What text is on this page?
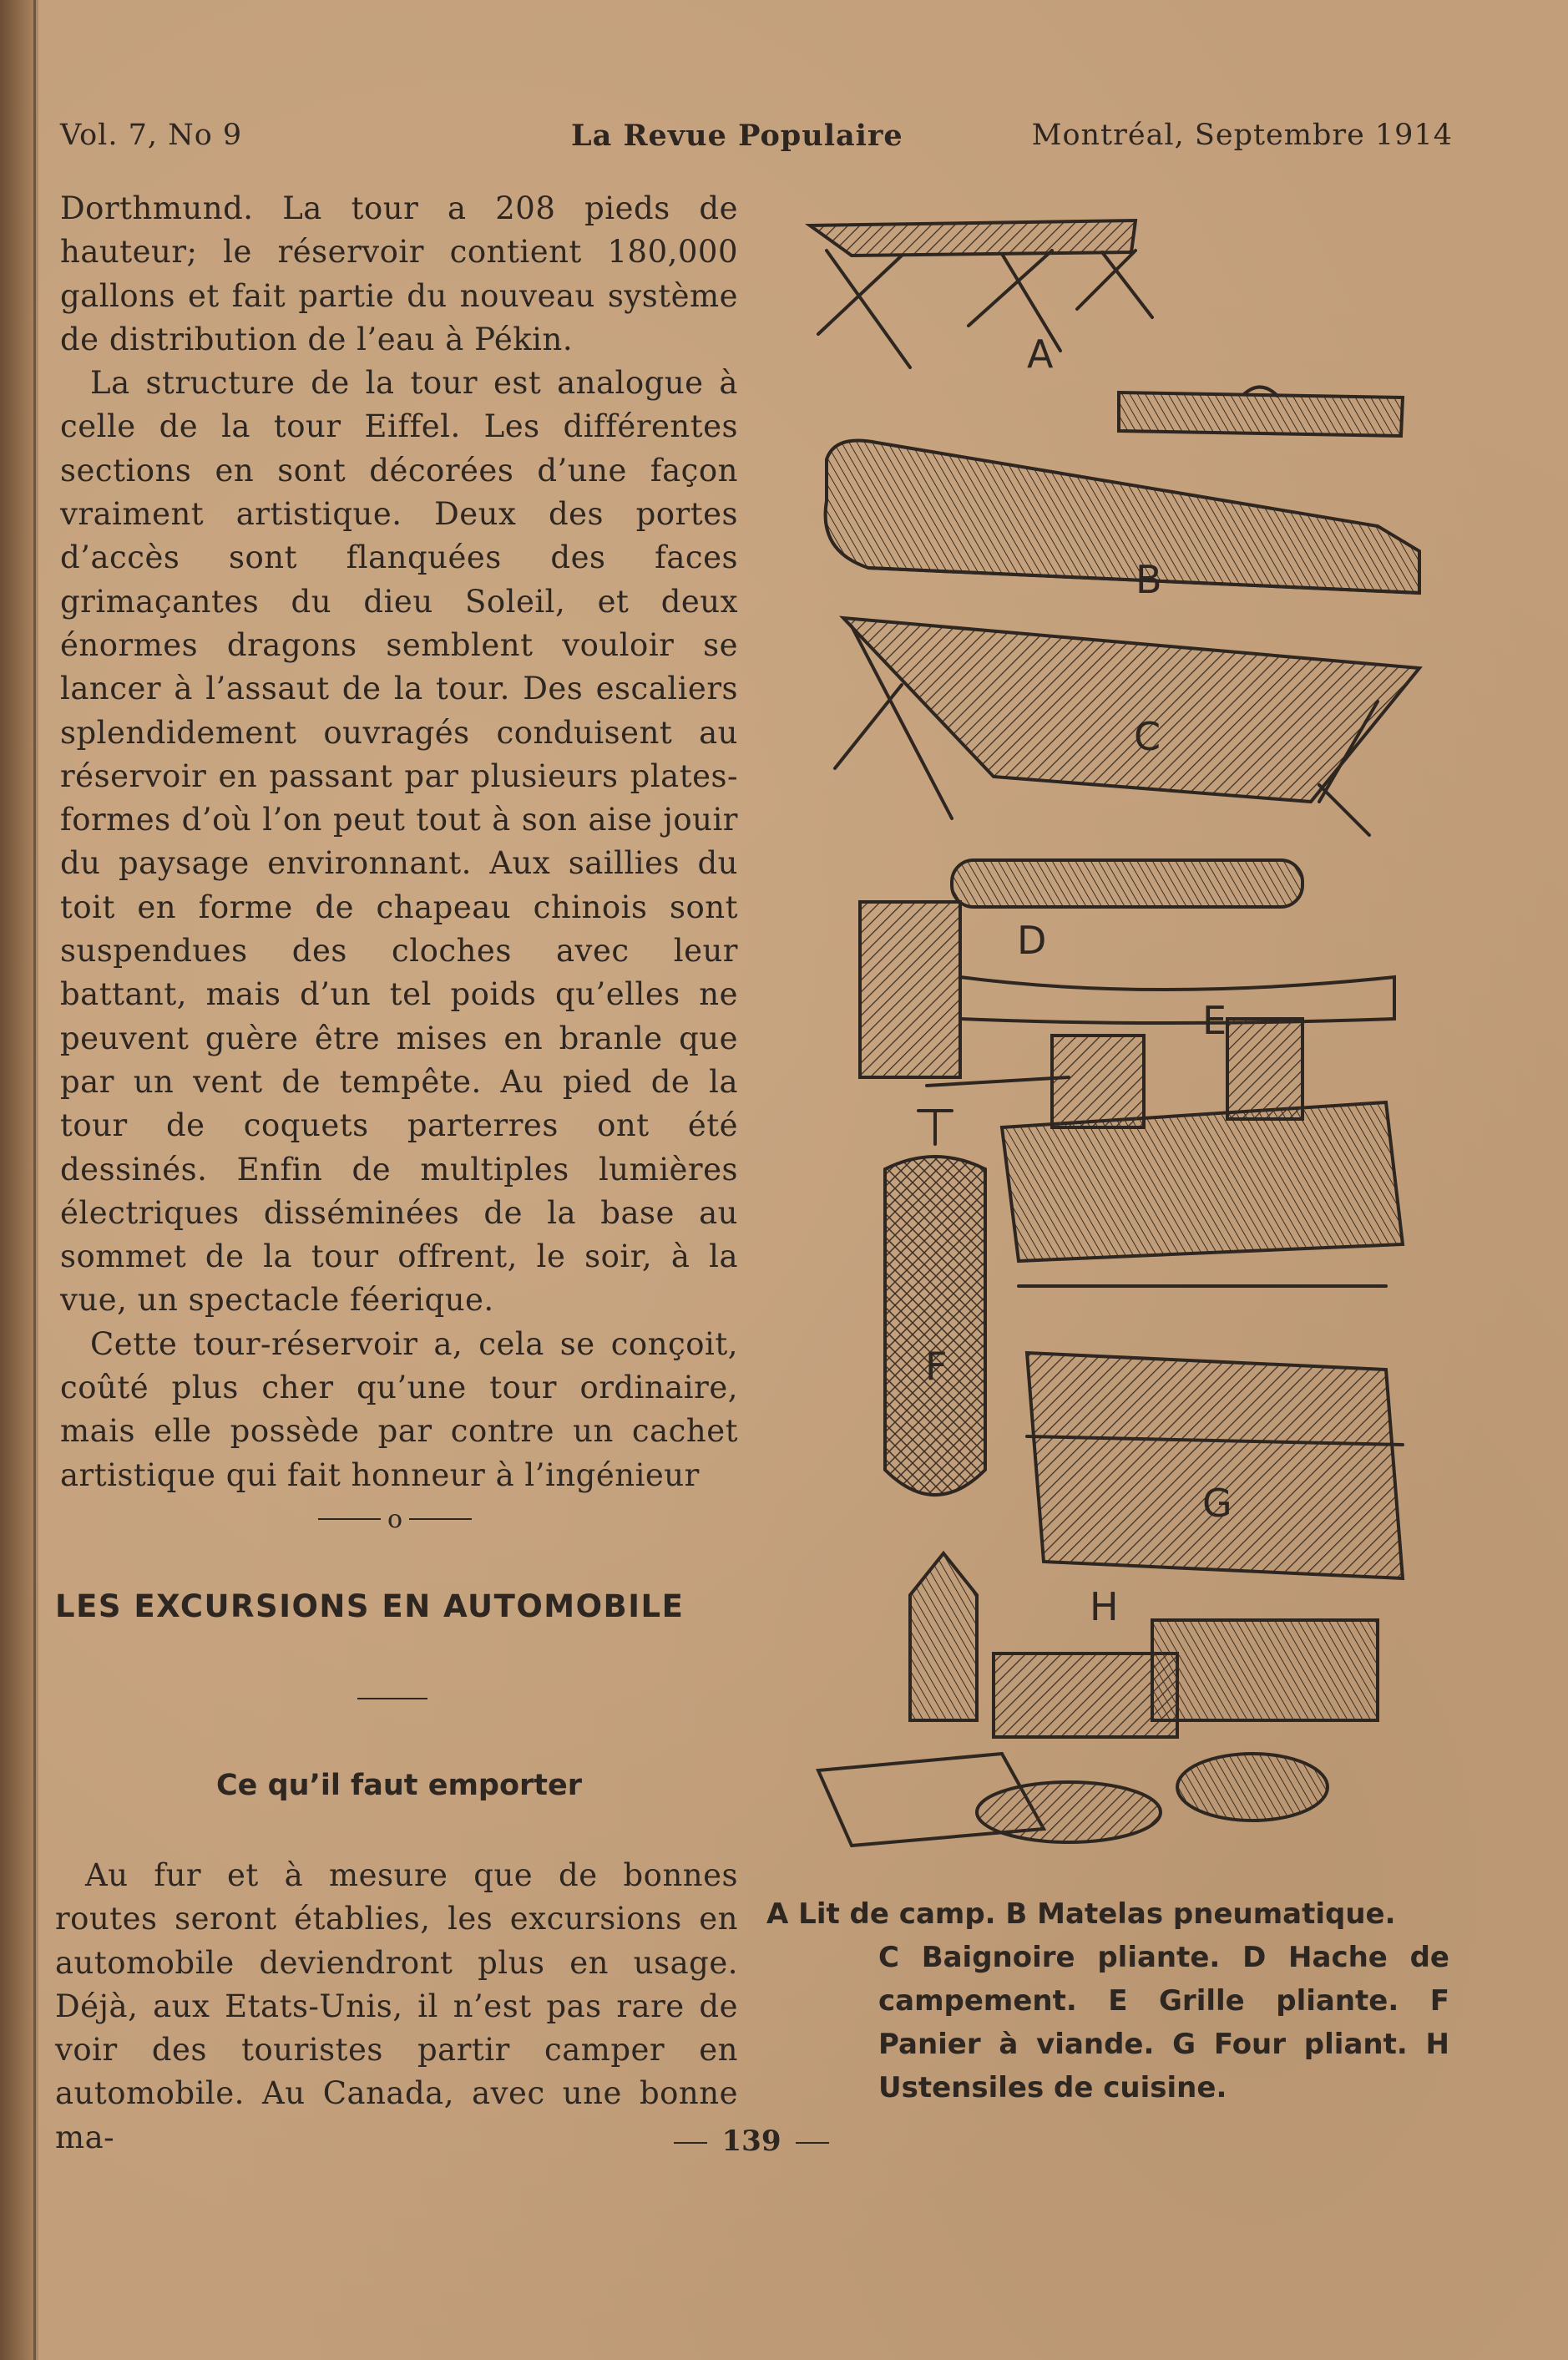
Vol. 7, No 9	La Revue Populaire	Montréal, Septembre 1914

Dorthmund. La tour a 208 pieds de hauteur; le réservoir contient 180,000 gallons et fait partie du nouveau système de distribution de l’eau à Pékin.

La structure de la tour est analogue à celle de la tour Eiffel. Les différentes sections en sont décorées d’une façon vraiment artistique. Deux des portes d’accès sont flanquées des faces grimaçantes du dieu Soleil, et deux énormes dragons semblent vouloir se lancer à l’assaut de la tour. Des escaliers splendidement ouvragés conduisent au réservoir en passant par plusieurs plates-formes d’où l’on peut tout à son aise jouir du paysage environnant. Aux saillies du toit en forme de chapeau chinois sont suspendues des cloches avec leur battant, mais d’un tel poids qu’elles ne peuvent guère être mises en branle que par un vent de tempête. Au pied de la tour de coquets parterres ont été dessinés. Enfin de multiples lumières électriques disséminées de la base au sommet de la tour offrent, le soir, à la vue, un spectacle féerique.

Cette tour-réservoir a, cela se conçoit, coûté plus cher qu’une tour ordinaire, mais elle possède par contre un cachet artistique qui fait honneur à l’ingénieur

o
LES EXCURSIONS EN AUTOMOBILE
Ce qu’il faut emporter

Au fur et à mesure que de bonnes routes seront établies, les excursions en automobile deviendront plus en usage. Déjà, aux Etats-Unis, il n’est pas rare de voir des touristes partir camper en automobile. Au Canada, avec une bonne ma-

A
B
C
D
E
F
G
H
A Lit de camp. B Matelas pneumatique.
C Baignoire pliante. D Hache de campement. E Grille pliante. F Panier à viande. G Four pliant. H Ustensiles de cuisine.
139
